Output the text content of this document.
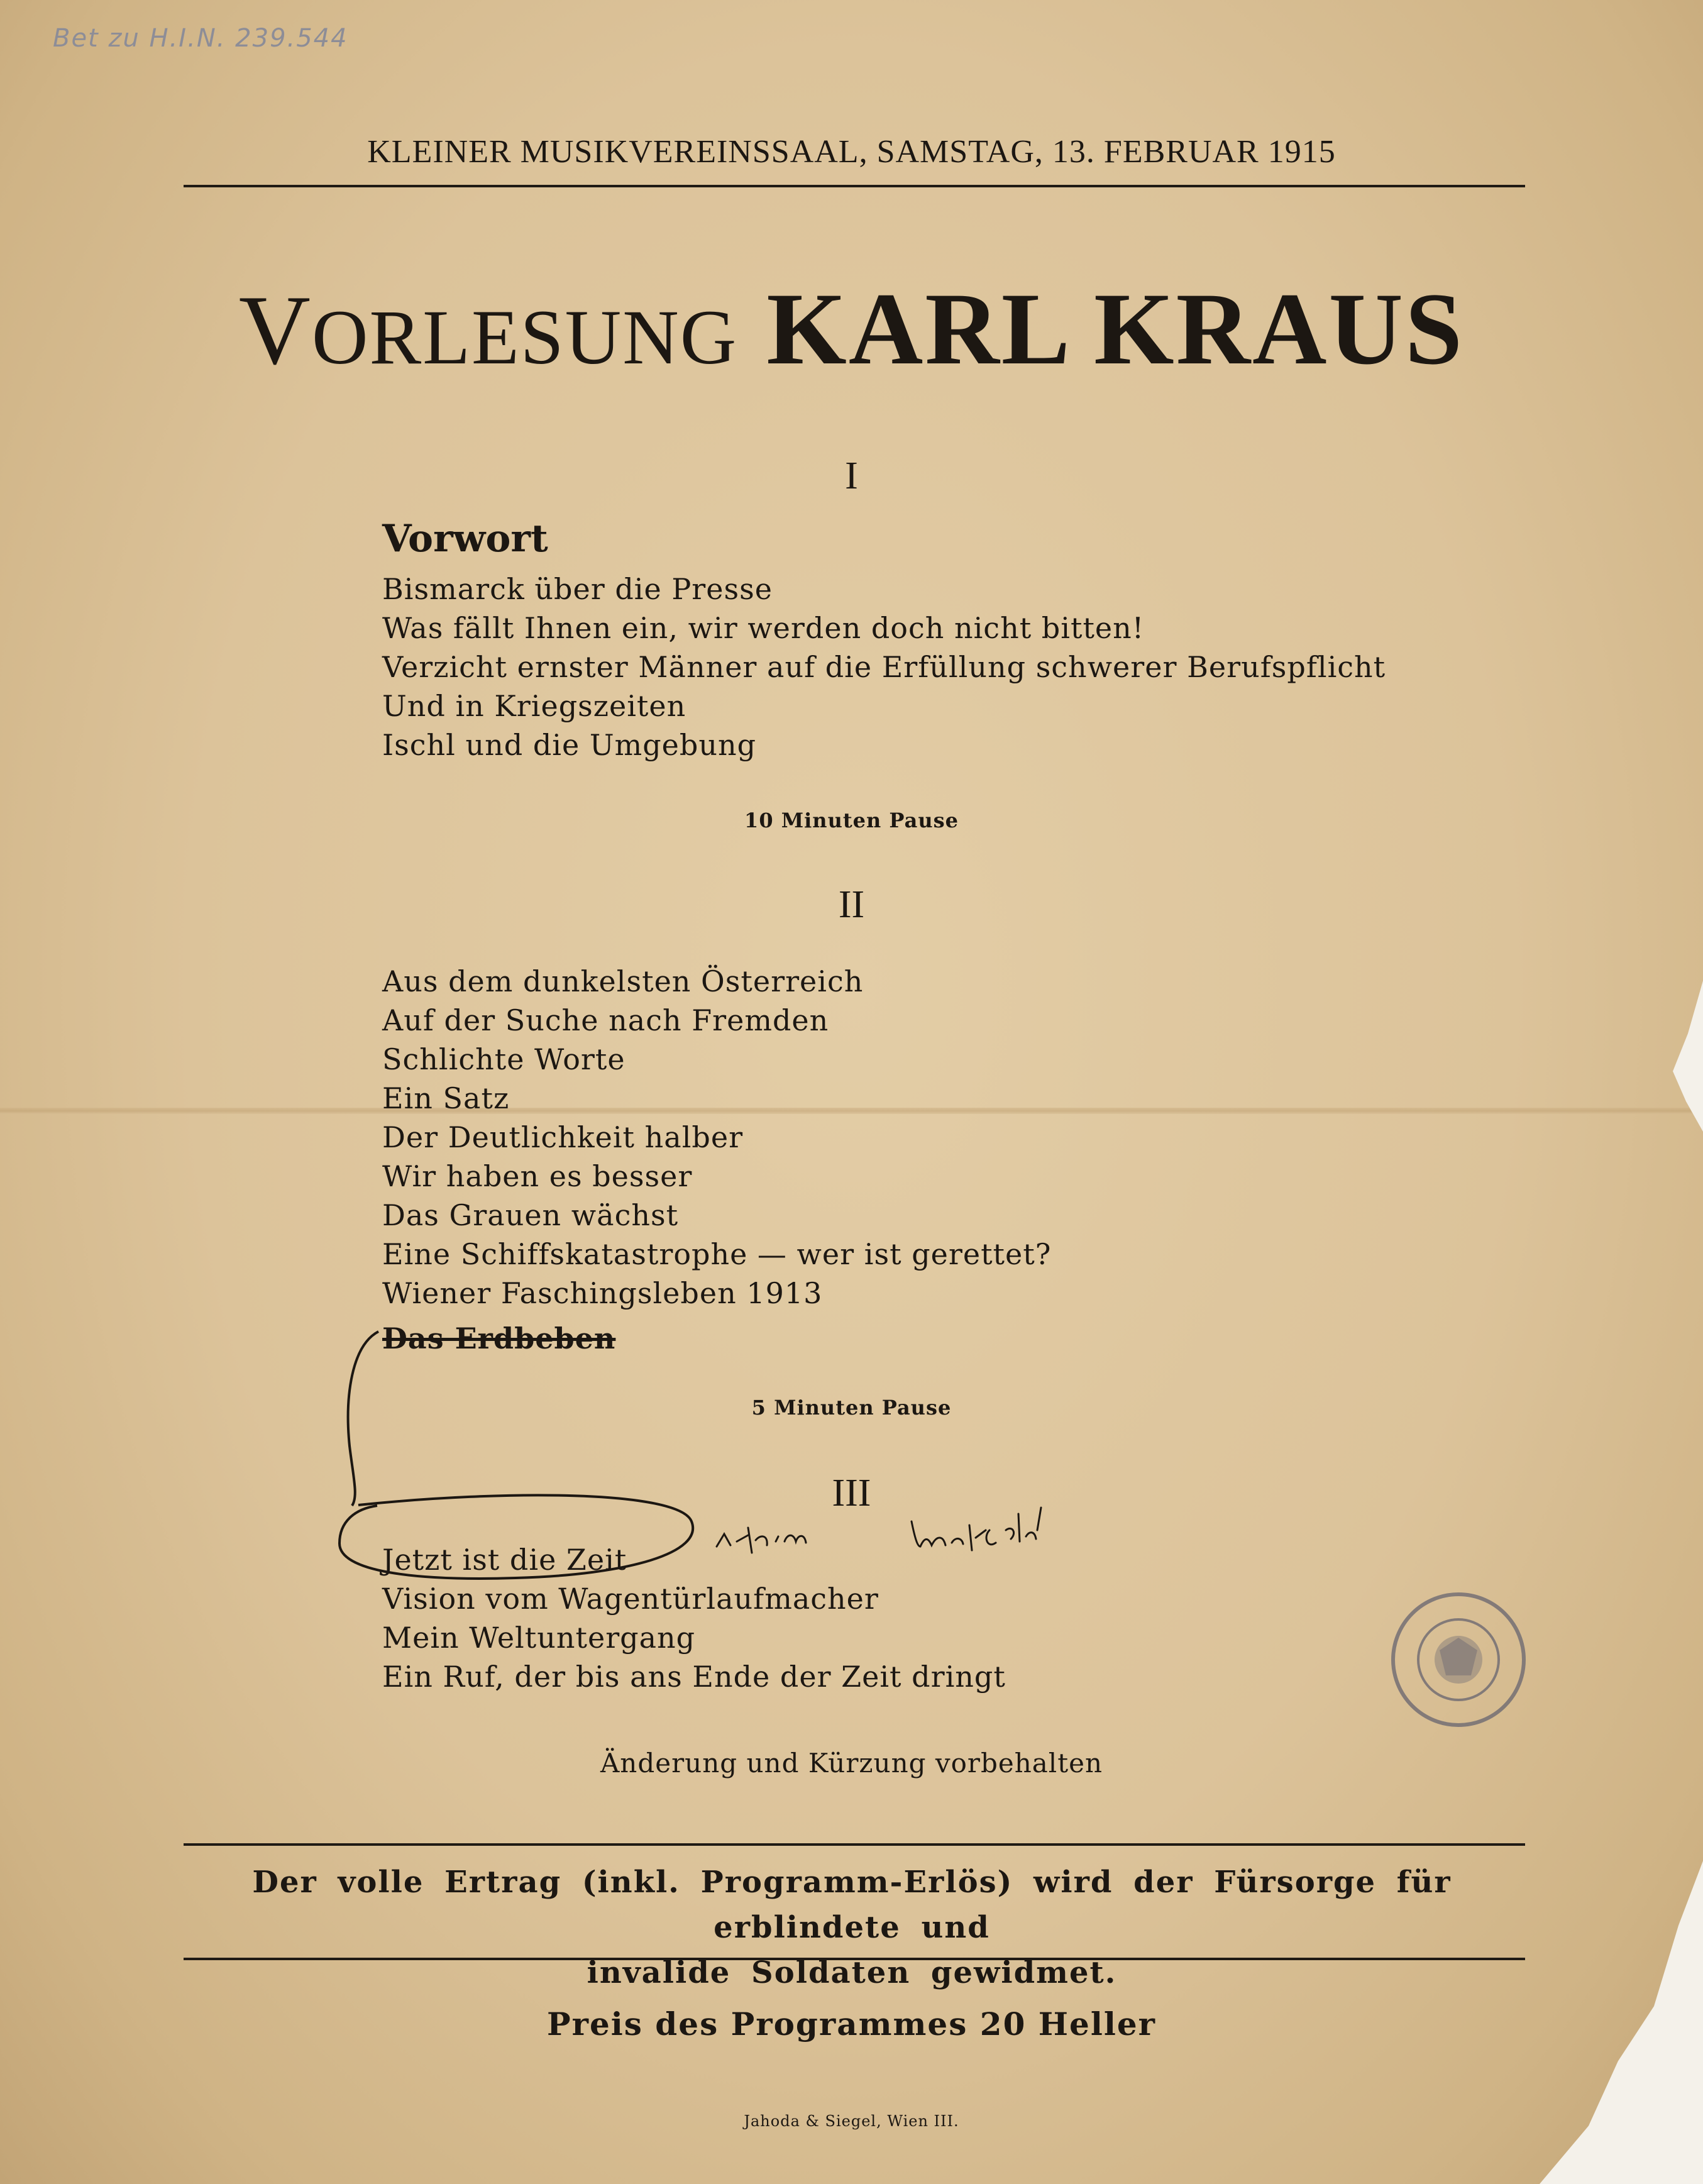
Bet zu H.I.N. 239.544
KLEINER MUSIKVEREINSSAAL, SAMSTAG, 13. FEBRUAR 1915
VORLESUNG KARL KRAUS
I
Vorwort
Bismarck über die Presse
Was fällt Ihnen ein, wir werden doch nicht bitten!
Verzicht ernster Männer auf die Erfüllung schwerer Berufspflicht
Und in Kriegszeiten
Ischl und die Umgebung
10 Minuten Pause
II
Aus dem dunkelsten Österreich
Auf der Suche nach Fremden
Schlichte Worte
Ein Satz
Der Deutlichkeit halber
Wir haben es besser
Das Grauen wächst
Eine Schiffskatastrophe — wer ist gerettet?
Wiener Faschingsleben 1913
Das Erdbeben
5 Minuten Pause
III
Jetzt ist die Zeit
Vision vom Wagentürlaufmacher
Mein Weltuntergang
Ein Ruf, der bis ans Ende der Zeit dringt
Änderung und Kürzung vorbehalten
Der volle Ertrag (inkl. Programm-Erlös) wird der Fürsorge für erblindete und
invalide Soldaten gewidmet.
Preis des Programmes 20 Heller
Jahoda & Siegel, Wien III.
